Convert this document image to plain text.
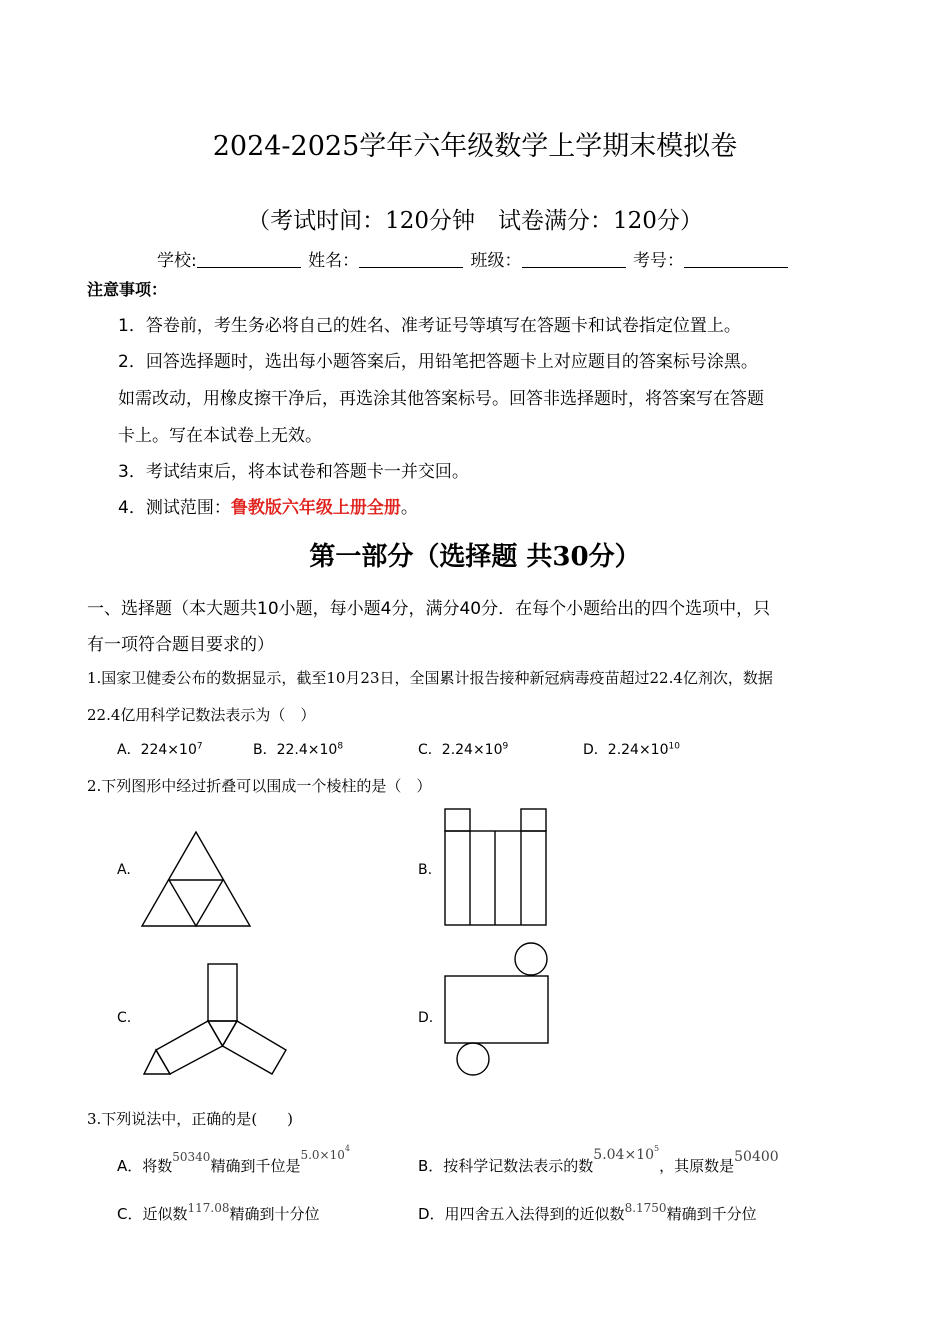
2024-2025学年六年级数学上学期末模拟卷
（考试时间：120分钟　试卷满分：120分）
学校:	姓名：	班级：	考号：
注意事项：
1．答卷前，考生务必将自己的姓名、准考证号等填写在答题卡和试卷指定位置上。
2．回答选择题时，选出每小题答案后，用铅笔把答题卡上对应题目的答案标号涂黑。
如需改动，用橡皮擦干净后，再选涂其他答案标号。回答非选择题时，将答案写在答题
卡上。写在本试卷上无效。
3．考试结束后，将本试卷和答题卡一并交回。
4．测试范围：鲁教版六年级上册全册。
第一部分（选择题 共30分）
一、选择题（本大题共10小题，每小题4分，满分40分．在每个小题给出的四个选项中，只
有一项符合题目要求的）
1.国家卫健委公布的数据显示，截至10月23日，全国累计报告接种新冠病毒疫苗超过22.4亿剂次，数据
22.4亿用科学记数法表示为（　）
A．$224\times 10^7$	B．$22.4\times 10^8$	C．$2.24\times 10^9$	D．$2.24\times 10^{10}$
2.下列图形中经过折叠可以围成一个棱柱的是（　）
A.	B.
C.	D.
3.下列说法中，正确的是(　　)
A．将数$^{50340}$精确到千位是$^{5.0\times 104}$
B．按科学记数法表示的数$5.04\times 10^5$，其原数是50400
C．近似数$^{117.08}$精确到十分位	D．用四舍五入法得到的近似数$^{8.1750}$精确到千分位
